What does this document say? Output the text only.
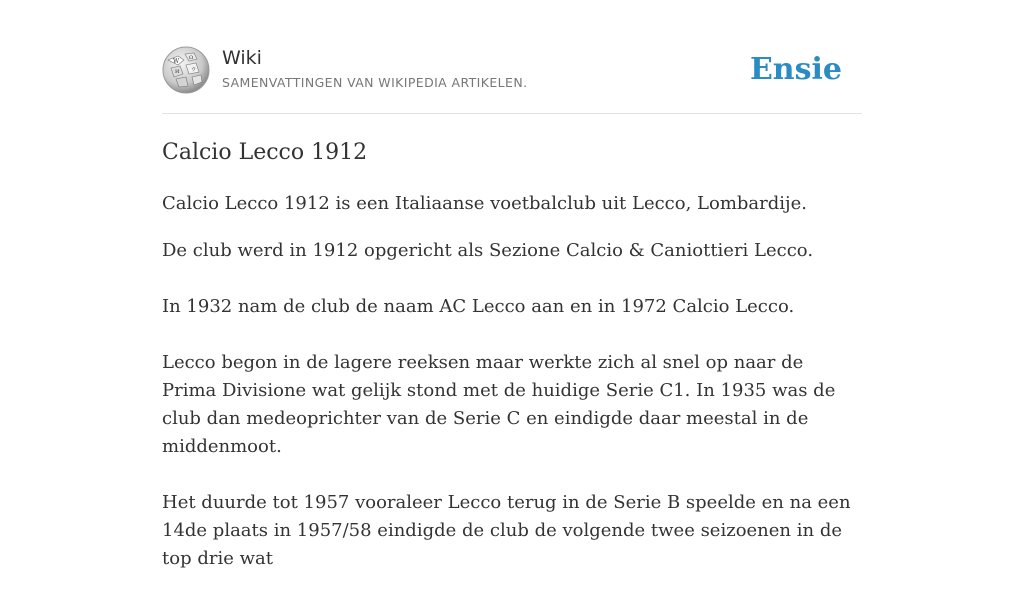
W Ω
И ウ
Wiki
SAMENVATTINGEN VAN WIKIPEDIA ARTIKELEN.	Ensie
Calcio Lecco 1912

Calcio Lecco 1912 is een Italiaanse voetbalclub uit Lecco, Lombardije.

De club werd in 1912 opgericht als Sezione Calcio & Caniottieri Lecco.

In 1932 nam de club de naam AC Lecco aan en in 1972 Calcio Lecco.

Lecco begon in de lagere reeksen maar werkte zich al snel op naar de Prima Divisione wat gelijk stond met de huidige Serie C1. In 1935 was de club dan medeoprichter van de Serie C en eindigde daar meestal in de middenmoot.

Het duurde tot 1957 vooraleer Lecco terug in de Serie B speelde en na een 14de plaats in 1957/58 eindigde de club de volgende twee seizoenen in de top drie wat
